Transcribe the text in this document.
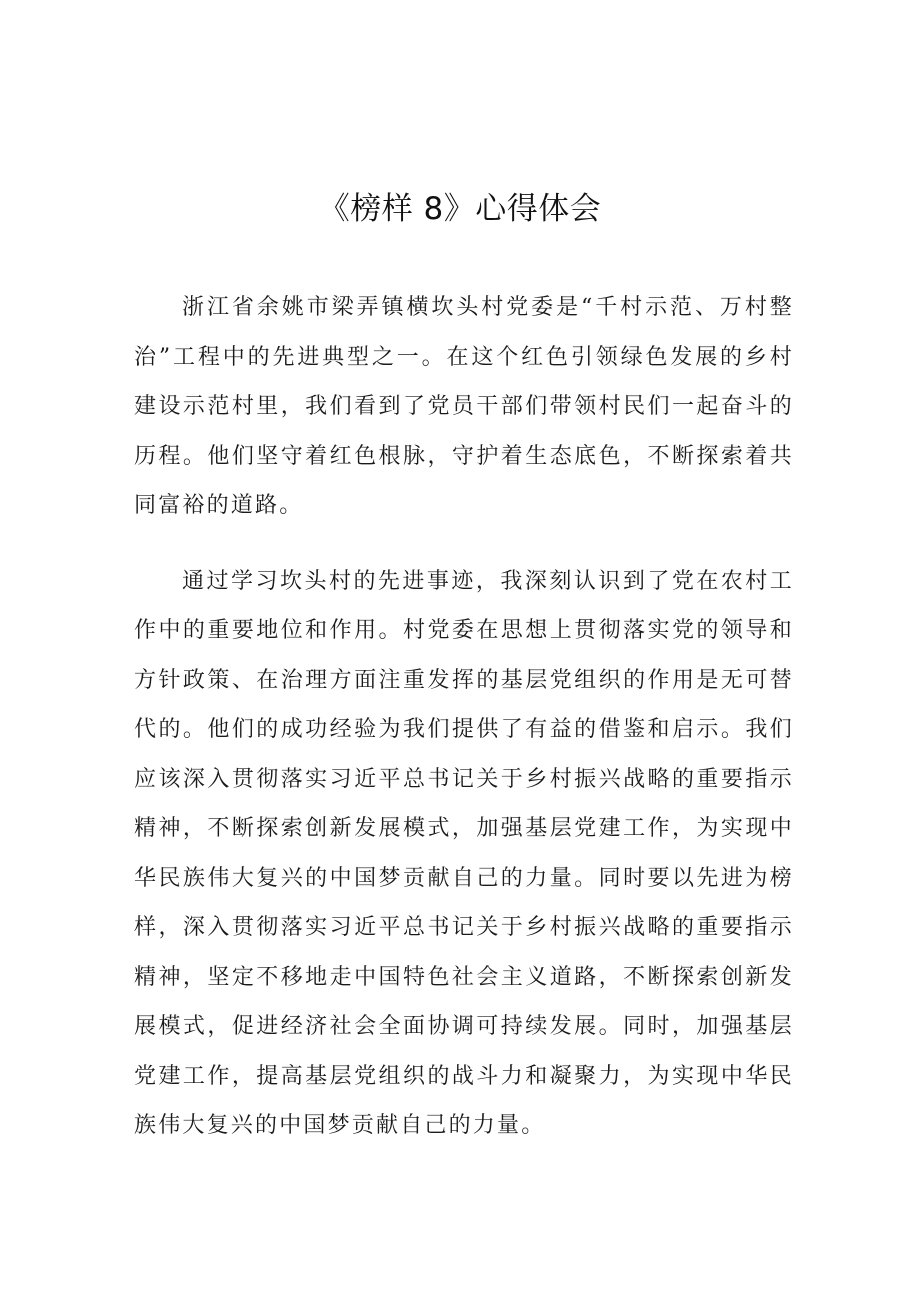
《榜样 8》心得体会

浙江省余姚市梁弄镇横坎头村党委是“千村示范、万村整治”工程中的先进典型之一。在这个红色引领绿色发展的乡村建设示范村里，我们看到了党员干部们带领村民们一起奋斗的历程。他们坚守着红色根脉，守护着生态底色，不断探索着共同富裕的道路。

通过学习坎头村的先进事迹，我深刻认识到了党在农村工作中的重要地位和作用。村党委在思想上贯彻落实党的领导和方针政策、在治理方面注重发挥的基层党组织的作用是无可替代的。他们的成功经验为我们提供了有益的借鉴和启示。我们应该深入贯彻落实习近平总书记关于乡村振兴战略的重要指示精神，不断探索创新发展模式，加强基层党建工作，为实现中华民族伟大复兴的中国梦贡献自己的力量。同时要以先进为榜样，深入贯彻落实习近平总书记关于乡村振兴战略的重要指示精神，坚定不移地走中国特色社会主义道路，不断探索创新发展模式，促进经济社会全面协调可持续发展。同时，加强基层党建工作，提高基层党组织的战斗力和凝聚力，为实现中华民族伟大复兴的中国梦贡献自己的力量。
